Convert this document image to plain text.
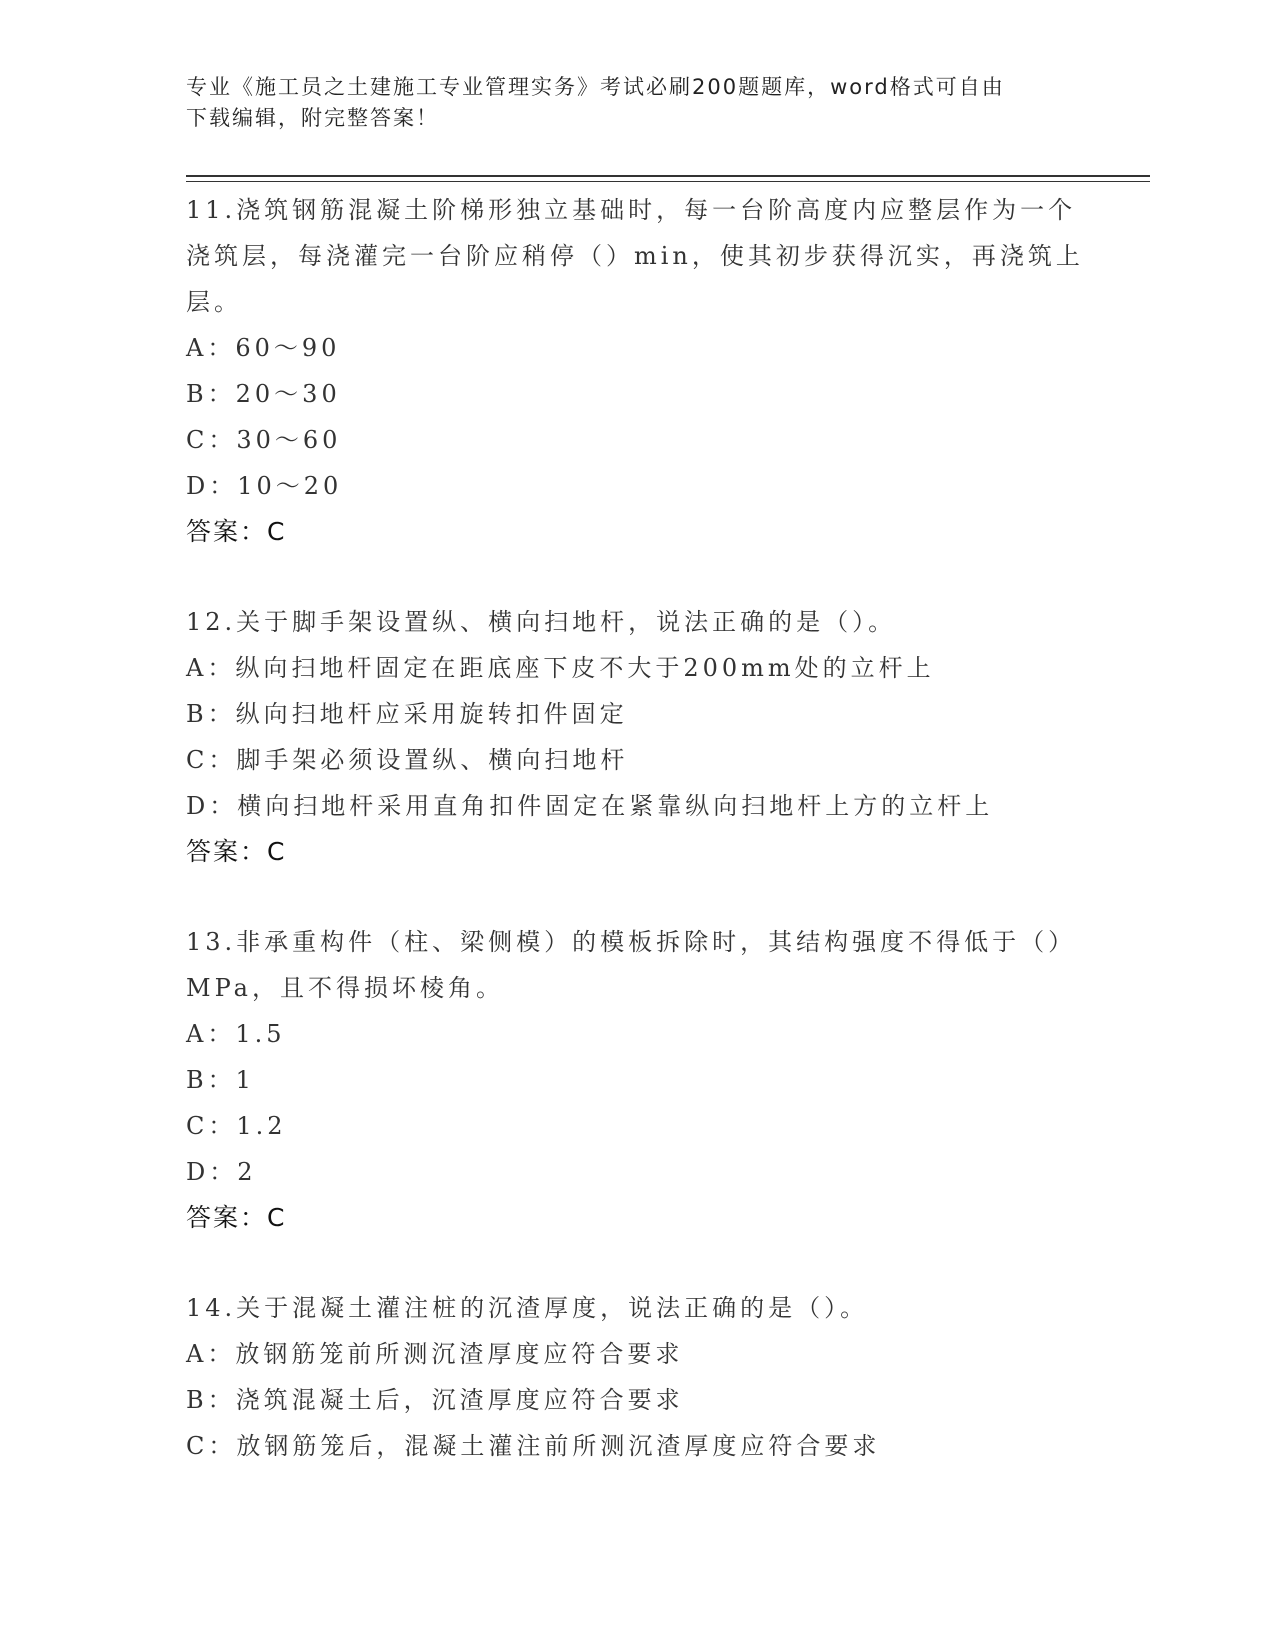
专业《施工员之土建施工专业管理实务》考试必刷200题题库，word格式可自由
下载编辑，附完整答案！
11.浇筑钢筋混凝土阶梯形独立基础时，每一台阶高度内应整层作为一个浇筑层，每浇灌完一台阶应稍停（）min，使其初步获得沉实，再浇筑上层。
A：60～90
B：20～30
C：30～60
D：10～20
答案：C
12.关于脚手架设置纵、横向扫地杆，说法正确的是（）。
A：纵向扫地杆固定在距底座下皮不大于200mm处的立杆上
B：纵向扫地杆应采用旋转扣件固定
C：脚手架必须设置纵、横向扫地杆
D：横向扫地杆采用直角扣件固定在紧靠纵向扫地杆上方的立杆上
答案：C
13.非承重构件（柱、梁侧模）的模板拆除时，其结构强度不得低于（）MPa，且不得损坏棱角。
A：1.5
B：1
C：1.2
D：2
答案：C
14.关于混凝土灌注桩的沉渣厚度，说法正确的是（）。
A：放钢筋笼前所测沉渣厚度应符合要求
B：浇筑混凝土后，沉渣厚度应符合要求
C：放钢筋笼后，混凝土灌注前所测沉渣厚度应符合要求
